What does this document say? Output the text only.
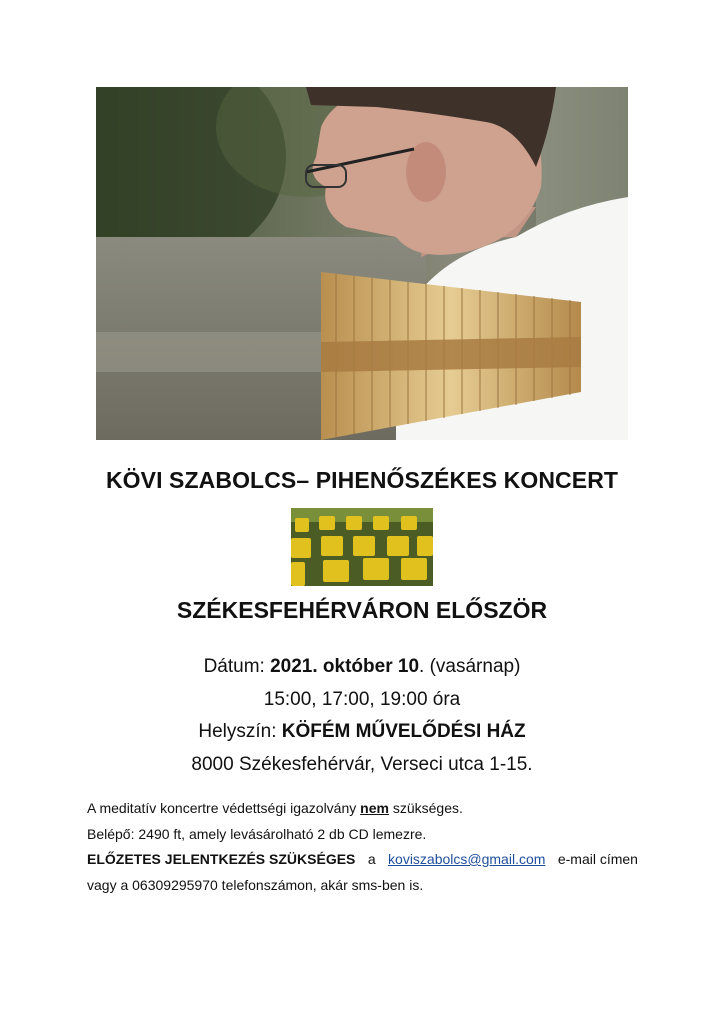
KÖVI SZABOLCS– PIHENŐSZÉKES KONCERT
SZÉKESFEHÉRVÁRON ELŐSZÖR
Dátum: 2021. október 10. (vasárnap)
15:00, 17:00, 19:00 óra
Helyszín: KÖFÉM MŰVELŐDÉSI HÁZ
8000 Székesfehérvár, Verseci utca 1-15.
A meditatív koncertre védettségi igazolvány nem szükséges.
Belépő: 2490 ft, amely levásárolható 2 db CD lemezre.
ELŐZETES JELENTKEZÉS SZÜKSÉGES a koviszabolcs@gmail.com e-mail címen
vagy a 06309295970 telefonszámon, akár sms-ben is.
